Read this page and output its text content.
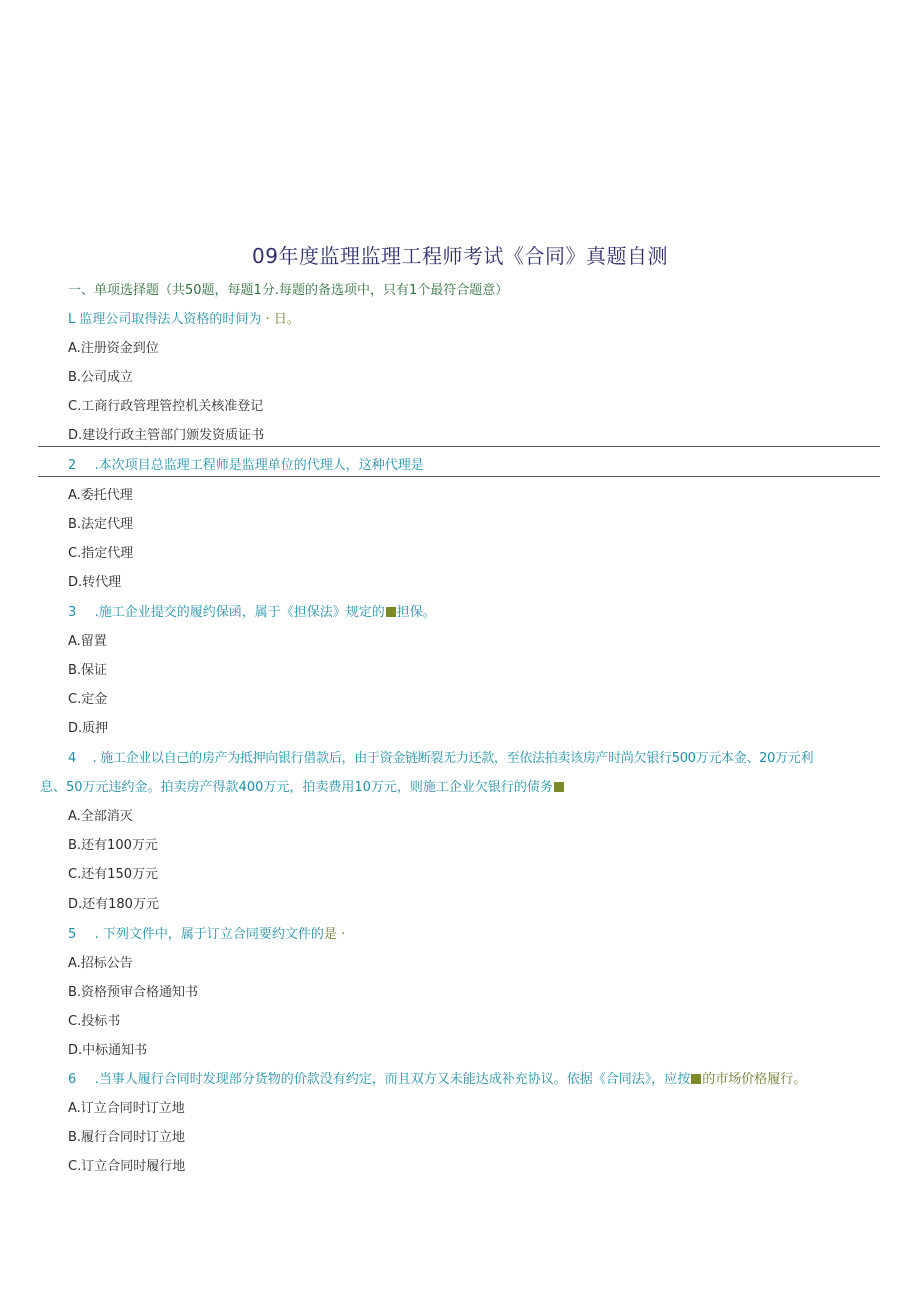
09年度监理监理工程师考试《合同》真题自测
一、单项选择题（共50题，每题1分.每题的备选项中，只有1个最符合题意）
L 监理公司取得法人资格的时间为 · 日。
A.注册资金到位
B.公司成立
C.工商行政管理管控机关核准登记
D.建设行政主管部门颁发资质证书
2 .本次项目总监理工程师是监理单位的代理人，这种代理是
A.委托代理
B.法定代理
C.指定代理
D.转代理
3 .施工企业提交的履约保函，属于《担保法》规定的 担保。
A.留置
B.保证
C.定金
D.质押
4 . 施工企业以自己的房产为抵押向银行借款后，由于资金链断裂无力还款，至依法拍卖该房产时尚欠银行500万元本金、20万元利
息、50万元违约金。拍卖房产得款400万元，拍卖费用10万元，则施工企业欠银行的债务
A.全部消灭
B.还有100万元
C.还有150万元
D.还有180万元
5 . 下列文件中，属于订立合同要约文件的是 ·
A.招标公告
B.资格预审合格通知书
C.投标书
D.中标通知书
6 .当事人履行合同时发现部分货物的价款没有约定，而且双方又未能达成补充协议。依据《合同法》，应按 的市场价格履行。
A.订立合同时订立地
B.履行合同时订立地
C.订立合同时履行地
